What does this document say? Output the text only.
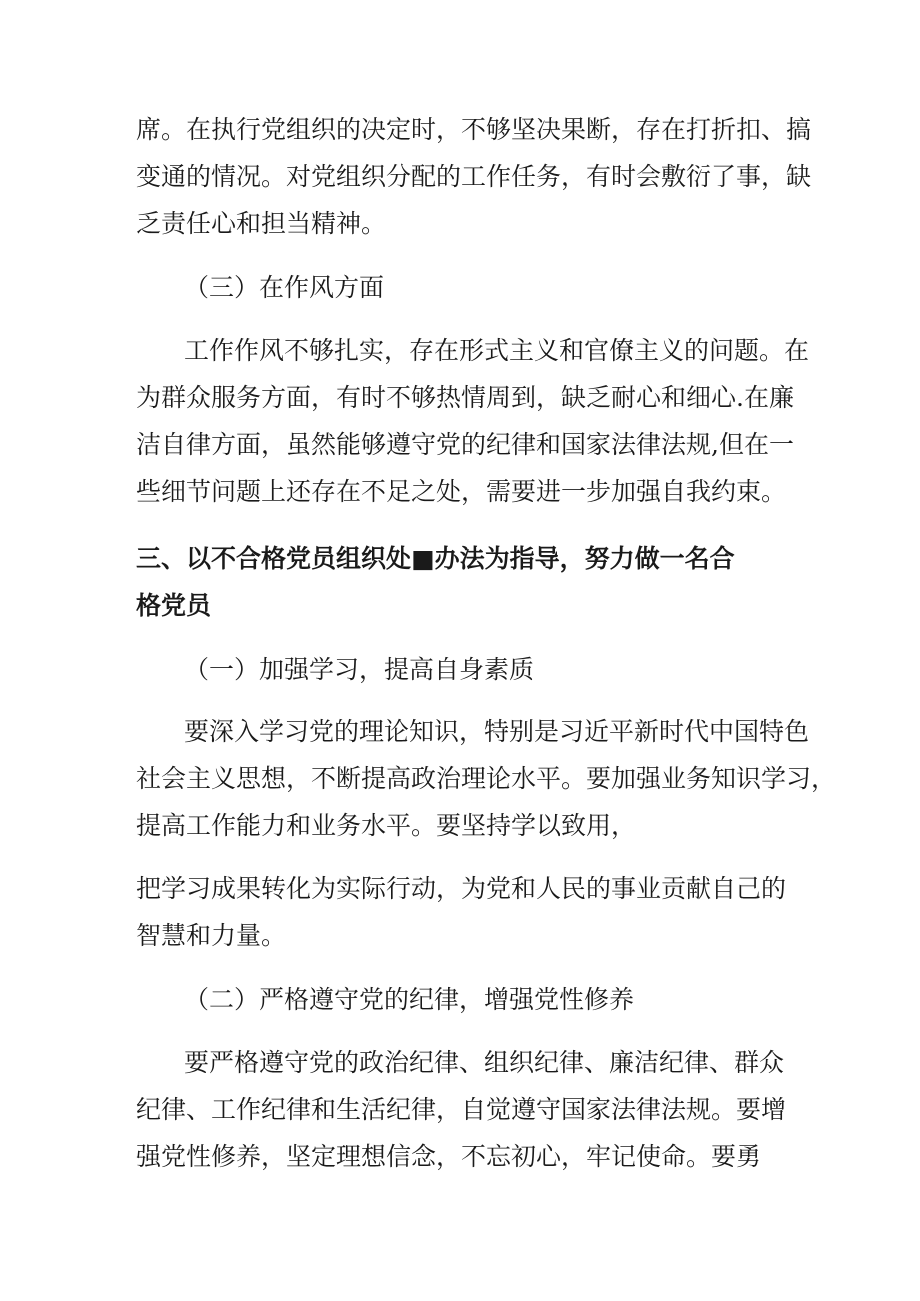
席。在执行党组织的决定时，不够坚决果断，存在打折扣、搞
变通的情况。对党组织分配的工作任务，有时会敷衍了事，缺
乏责任心和担当精神。
（三）在作风方面
工作作风不够扎实，存在形式主义和官僚主义的问题。在
为群众服务方面，有时不够热情周到，缺乏耐心和细心.在廉
洁自律方面，虽然能够遵守党的纪律和国家法律法规,但在一
些细节问题上还存在不足之处，需要进一步加强自我约束。
三、以不合格党员组织处■办法为指导，努力做一名合
格党员
（一）加强学习，提高自身素质
要深入学习党的理论知识，特别是习近平新时代中国特色
社会主义思想，不断提高政治理论水平。要加强业务知识学习，
提高工作能力和业务水平。要坚持学以致用，
把学习成果转化为实际行动，为党和人民的事业贡献自己的
智慧和力量。
（二）严格遵守党的纪律，增强党性修养
要严格遵守党的政治纪律、组织纪律、廉洁纪律、群众
纪律、工作纪律和生活纪律，自觉遵守国家法律法规。要增
强党性修养，坚定理想信念，不忘初心，牢记使命。要勇
